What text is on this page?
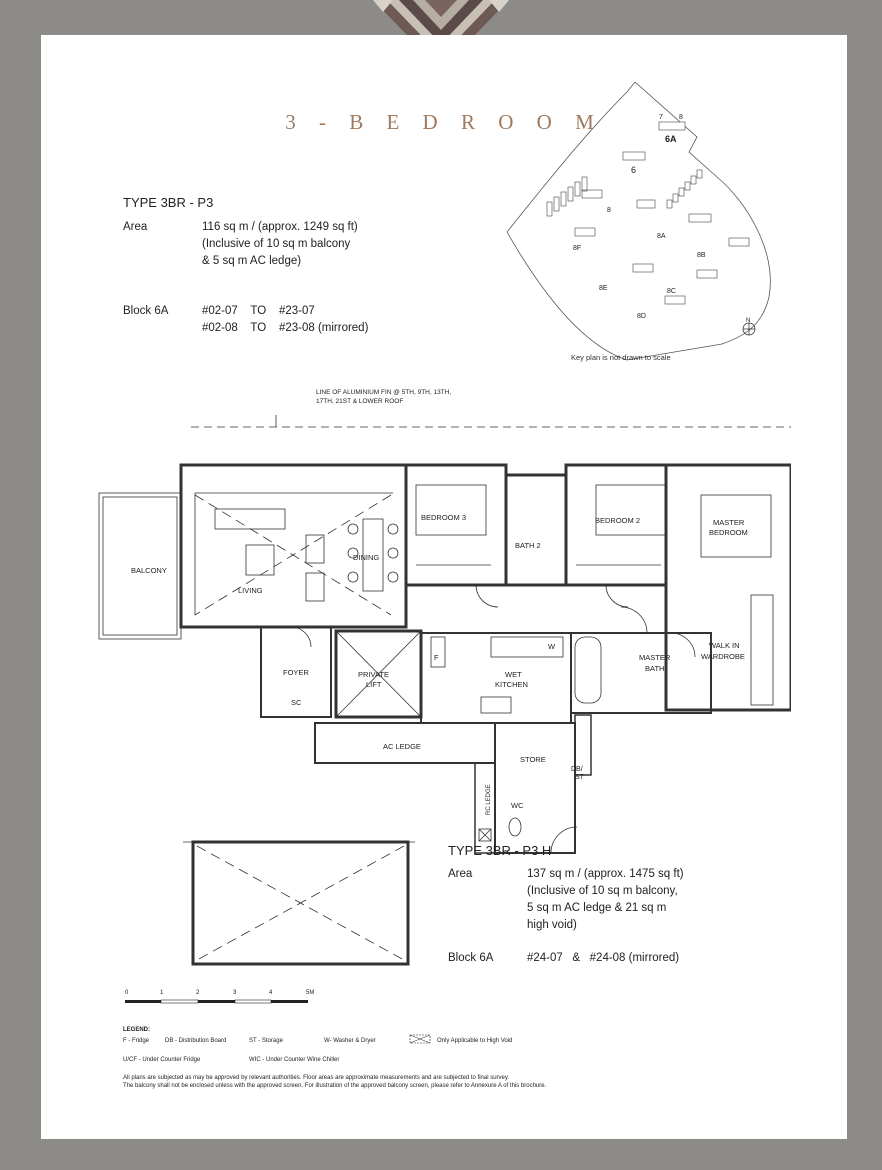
3 - B E D R O O M
TYPE 3BR - P3
Area	116 sq m / (approx. 1249 sq ft)
(Inclusive of 10 sq m balcony
& 5 sq m AC ledge)
Block 6A	#02-07 TO #23-07
#02-08 TO #23-08 (mirrored)
7 8
6A
6
8
8A
8B
8C
8D
8E
8F
N
Key plan is not drawn to scale
BALCONY
LIVING
DINING
BEDROOM 3
BATH 2
BEDROOM 2	MASTER
BEDROOM
MASTER
BATH
WALK IN
WARDROBE
FOYER	PRIVATE
LIFT
SC
WET
KITCHEN
F
W
AC LEDGE
STORE
DB/
ST
RC LEDGE	WC
LINE OF ALUMINIUM FIN @ 5TH, 9TH, 13TH,
17TH, 21ST & LOWER ROOF
TYPE 3BR - P3 H
Area	137 sq m / (approx. 1475 sq ft)
(Inclusive of 10 sq m balcony,
5 sq m AC ledge & 21 sq m
high void)
Block 6A	#24-07   &   #24-08 (mirrored)
0	1	2	3	4	5M
LEGEND:
F - Fridge	DB - Distribution Board	ST - Storage	W- Washer & Dryer	Only Applicable to High Void
U/CF - Under Counter Fridge	WIC - Under Counter Wine Chiller
All plans are subjected as may be approved by relevant authorities. Floor areas are approximate measurements and are subjected to final survey.
The balcony shall not be enclosed unless with the approved screen. For illustration of the approved balcony screen, please refer to Annexure A of this brochure.
